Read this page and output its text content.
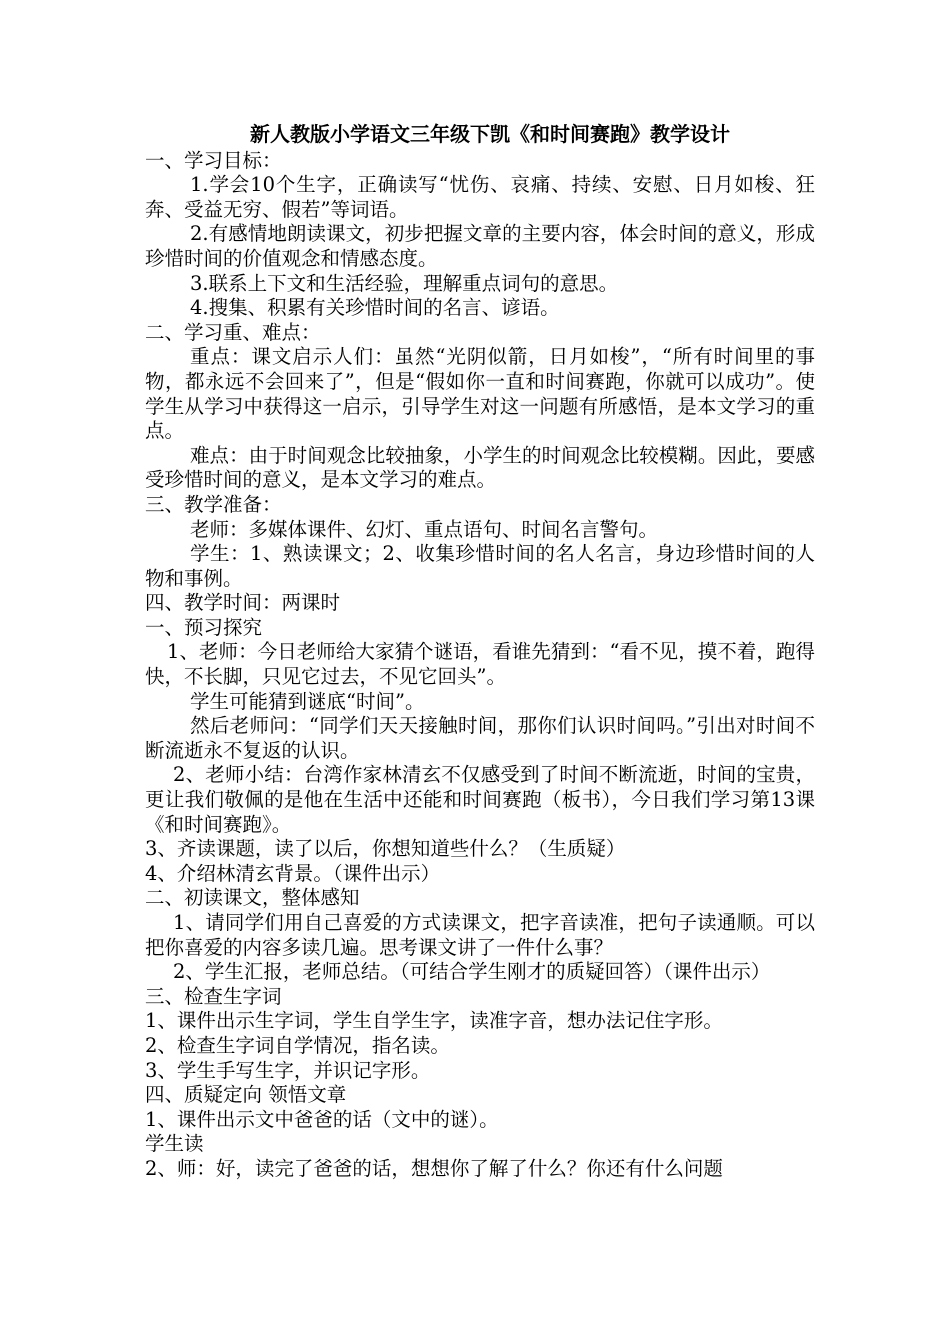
新人教版小学语文三年级下凯《和时间赛跑》教学设计

一、学习目标：

1.学会10个生字，正确读写“忧伤、哀痛、持续、安慰、日月如梭、狂奔、受益无穷、假若”等词语。

2.有感情地朗读课文，初步把握文章的主要内容，体会时间的意义，形成珍惜时间的价值观念和情感态度。

3.联系上下文和生活经验，理解重点词句的意思。

4.搜集、积累有关珍惜时间的名言、谚语。

二、学习重、难点：

重点：课文启示人们：虽然“光阴似箭，日月如梭”，“所有时间里的事物，都永远不会回来了”，但是“假如你一直和时间赛跑，你就可以成功”。使学生从学习中获得这一启示，引导学生对这一问题有所感悟，是本文学习的重点。

难点：由于时间观念比较抽象，小学生的时间观念比较模糊。因此，要感受珍惜时间的意义，是本文学习的难点。

三、教学准备：

老师：多媒体课件、幻灯、重点语句、时间名言警句。

学生：1、熟读课文；2、收集珍惜时间的名人名言，身边珍惜时间的人物和事例。

四、教学时间：两课时

一、预习探究

1、老师：今日老师给大家猜个谜语，看谁先猜到：“看不见，摸不着，跑得快，不长脚，只见它过去，不见它回头”。

学生可能猜到谜底“时间”。

然后老师问：“同学们天天接触时间，那你们认识时间吗。”引出对时间不断流逝永不复返的认识。

2、老师小结：台湾作家林清玄不仅感受到了时间不断流逝，时间的宝贵，更让我们敬佩的是他在生活中还能和时间赛跑（板书），今日我们学习第13课《和时间赛跑》。

3、齐读课题，读了以后，你想知道些什么？（生质疑）

4、介绍林清玄背景。（课件出示）

二、初读课文，整体感知

1、请同学们用自己喜爱的方式读课文，把字音读准，把句子读通顺。可以把你喜爱的内容多读几遍。思考课文讲了一件什么事？

2、学生汇报，老师总结。（可结合学生刚才的质疑回答）（课件出示）

三、检查生字词

1、课件出示生字词，学生自学生字，读准字音，想办法记住字形。

2、检查生字词自学情况，指名读。

3、学生手写生字，并识记字形。

四、质疑定向 领悟文章

1、课件出示文中爸爸的话（文中的谜）。

学生读

2、师：好，读完了爸爸的话，想想你了解了什么？你还有什么问题
